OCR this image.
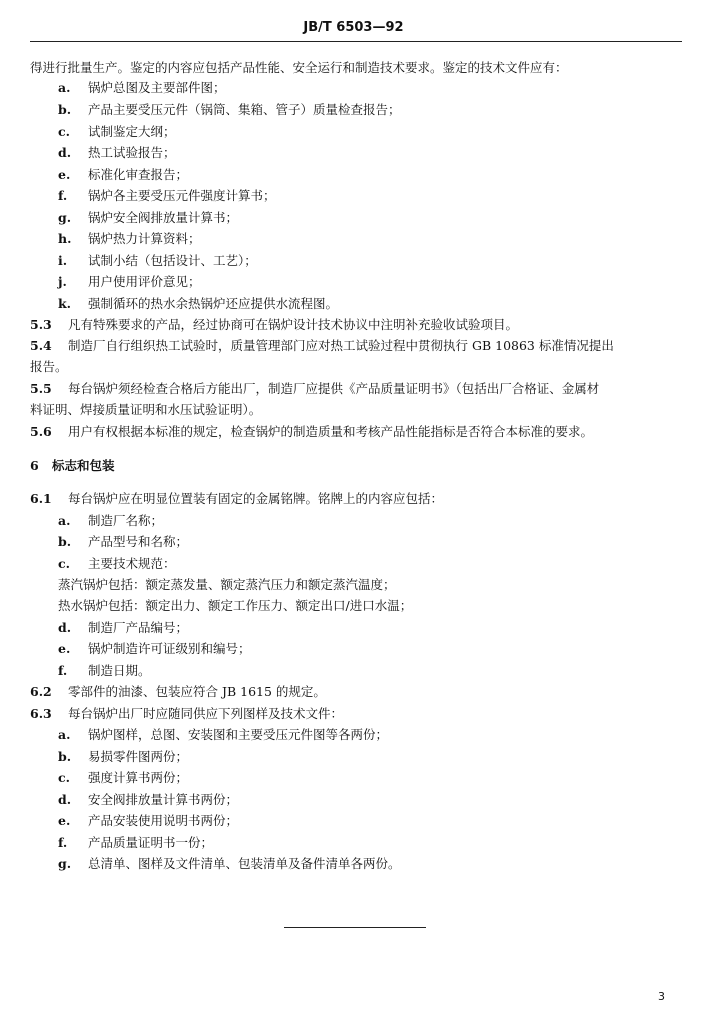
JB/T 6503—92
得进行批量生产。鉴定的内容应包括产品性能、安全运行和制造技术要求。鉴定的技术文件应有：
a. 锅炉总图及主要部件图；
b. 产品主要受压元件（锅筒、集箱、管子）质量检查报告；
c. 试制鉴定大纲；
d. 热工试验报告；
e. 标准化审查报告；
f. 锅炉各主要受压元件强度计算书；
g. 锅炉安全阀排放量计算书；
h. 锅炉热力计算资料；
i. 试制小结（包括设计、工艺）；
j. 用户使用评价意见；
k. 强制循环的热水余热锅炉还应提供水流程图。
5.3 凡有特殊要求的产品，经过协商可在锅炉设计技术协议中注明补充验收试验项目。
5.4 制造厂自行组织热工试验时，质量管理部门应对热工试验过程中贯彻执行 GB 10863 标准情况提出
报告。
5.5 每台锅炉须经检查合格后方能出厂，制造厂应提供《产品质量证明书》（包括出厂合格证、金属材
料证明、焊接质量证明和水压试验证明）。
5.6 用户有权根据本标准的规定，检查锅炉的制造质量和考核产品性能指标是否符合本标准的要求。
6 标志和包装
6.1 每台锅炉应在明显位置装有固定的金属铭牌。铭牌上的内容应包括：
a. 制造厂名称；
b. 产品型号和名称；
c. 主要技术规范：
蒸汽锅炉包括：额定蒸发量、额定蒸汽压力和额定蒸汽温度；
热水锅炉包括：额定出力、额定工作压力、额定出口/进口水温；
d. 制造厂产品编号；
e. 锅炉制造许可证级别和编号；
f. 制造日期。
6.2 零部件的油漆、包装应符合 JB 1615 的规定。
6.3 每台锅炉出厂时应随同供应下列图样及技术文件：
a. 锅炉图样，总图、安装图和主要受压元件图等各两份；
b. 易损零件图两份；
c. 强度计算书两份；
d. 安全阀排放量计算书两份；
e. 产品安装使用说明书两份；
f. 产品质量证明书一份；
g. 总清单、图样及文件清单、包装清单及备件清单各两份。
3
